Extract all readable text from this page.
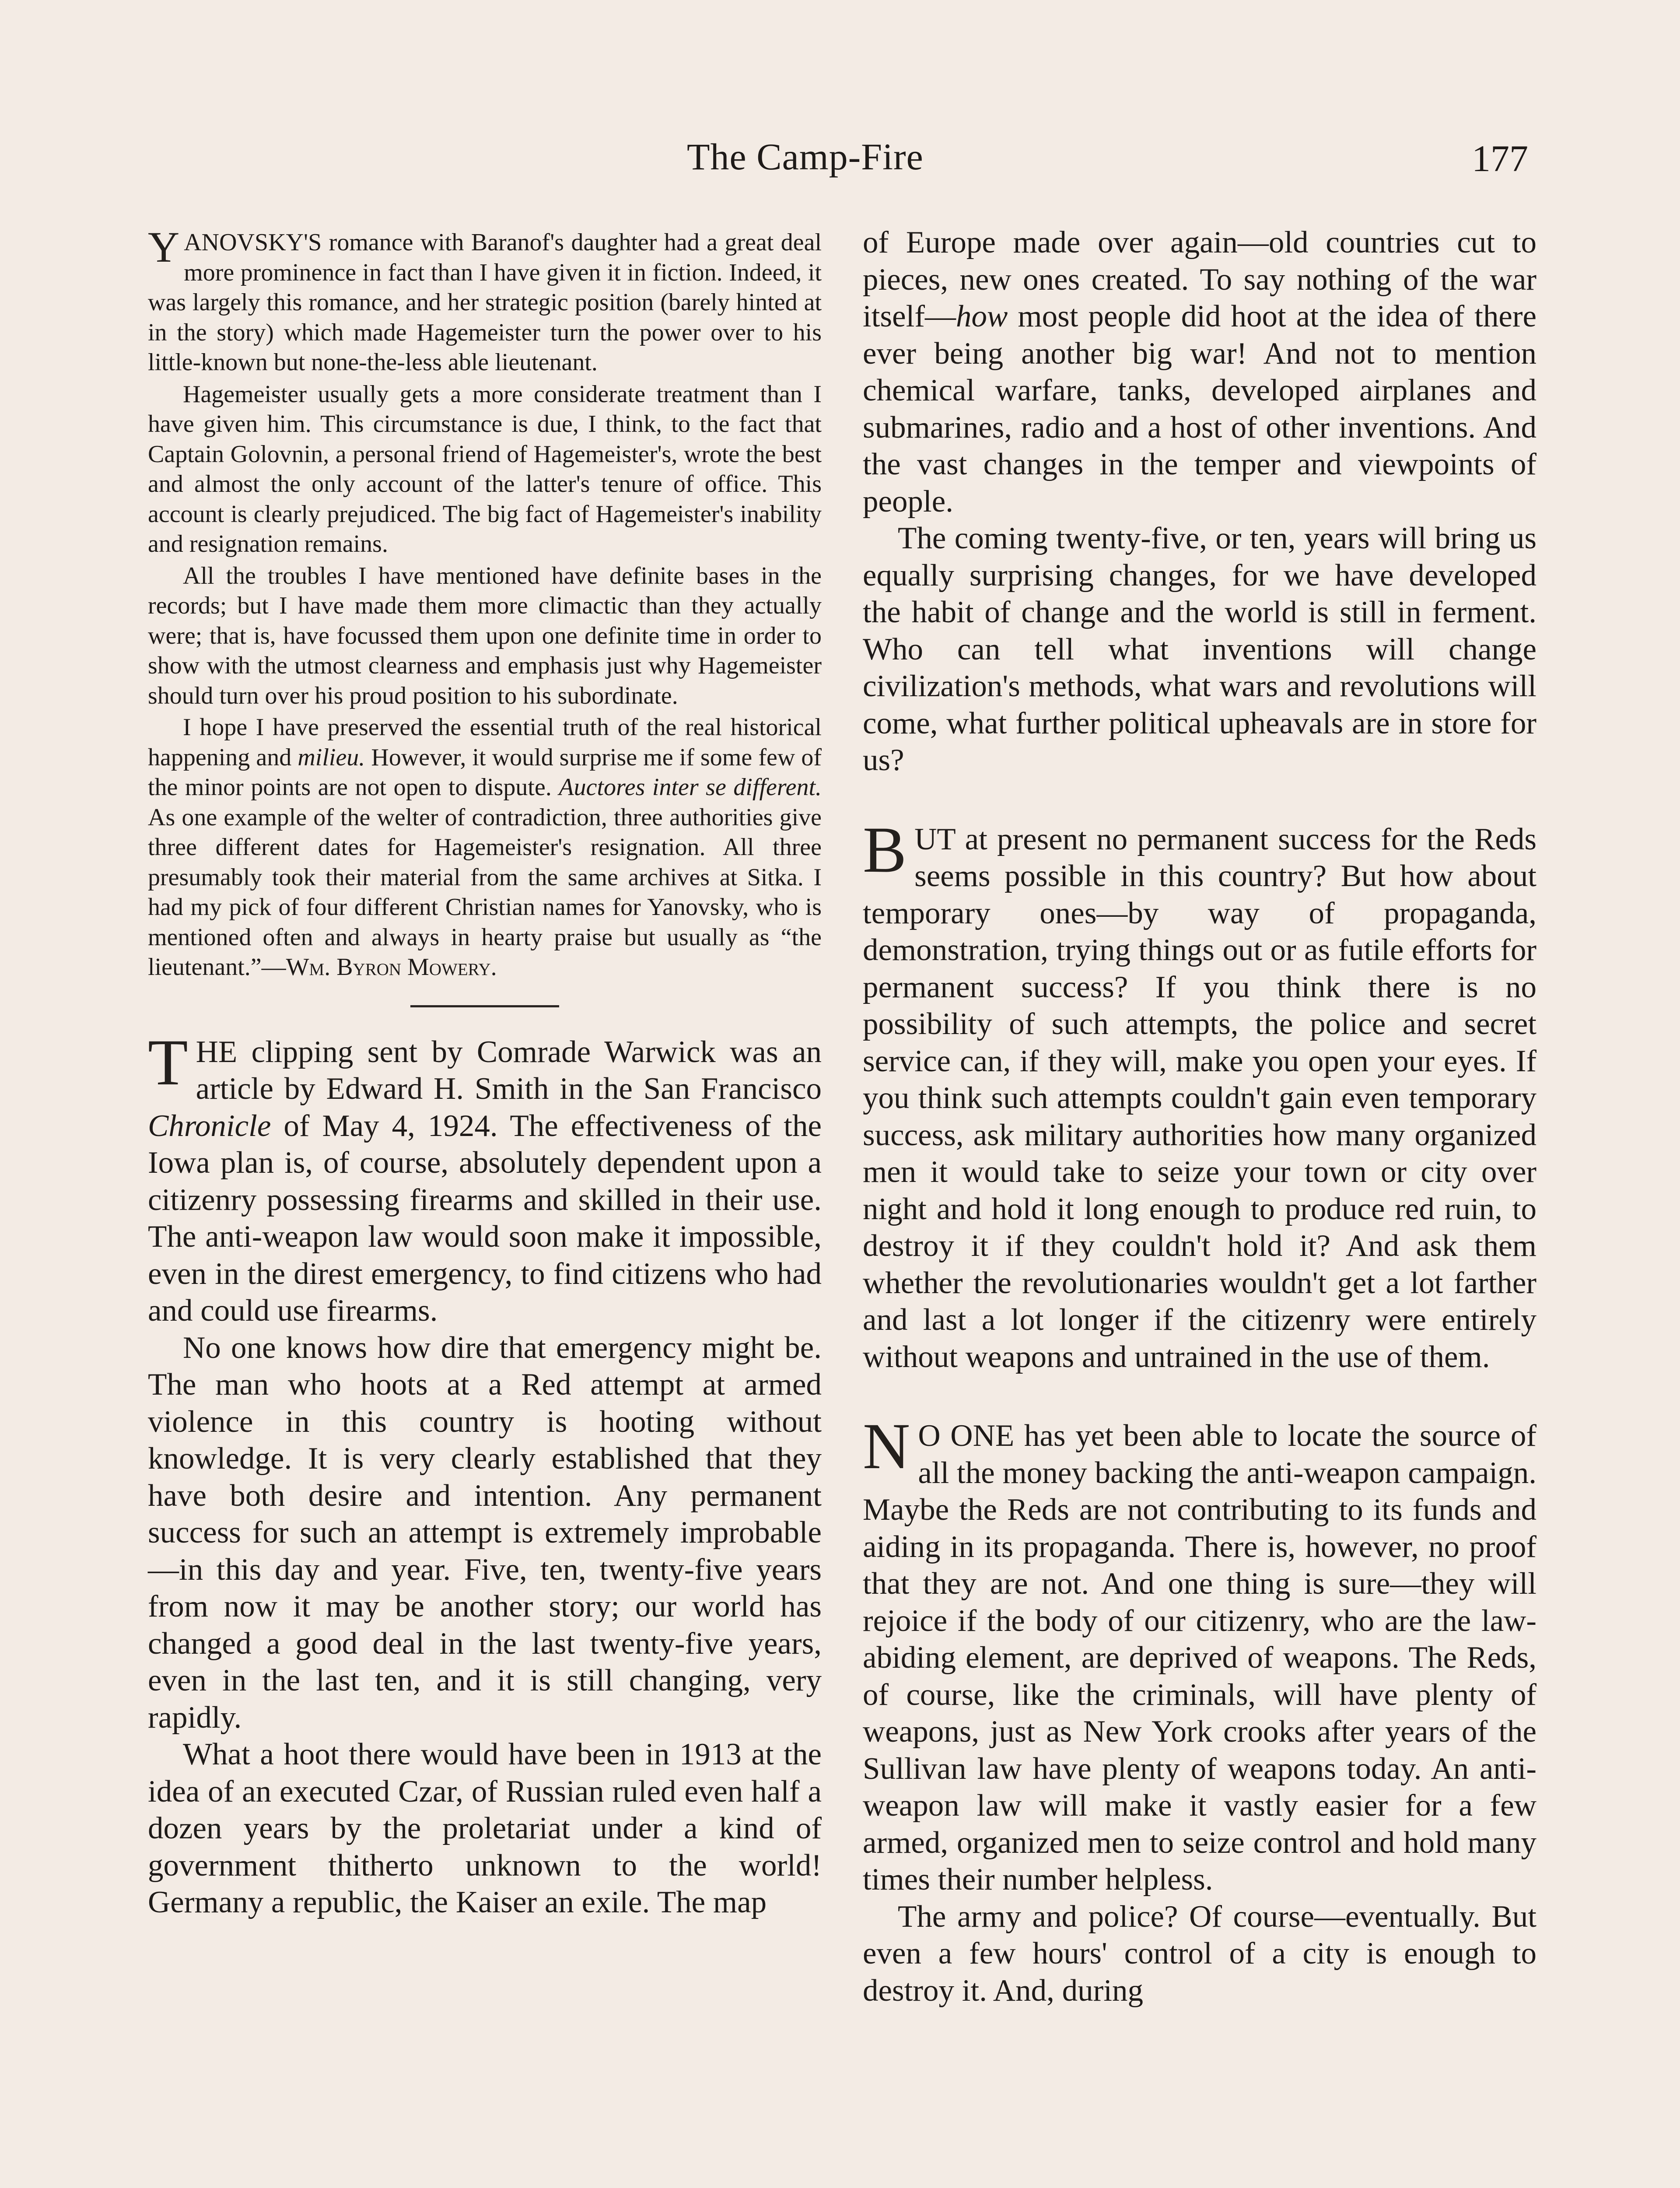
The Camp-Fire	177

YANOVSKY'S romance with Baranof's daughter had a great deal more prominence in fact than I have given it in fiction. Indeed, it was largely this romance, and her strategic position (barely hinted at in the story) which made Hagemeister turn the power over to his little-known but none-the-less able lieutenant.

Hagemeister usually gets a more considerate treatment than I have given him. This circumstance is due, I think, to the fact that Captain Golovnin, a personal friend of Hagemeister's, wrote the best and almost the only account of the latter's tenure of office. This account is clearly prejudiced. The big fact of Hagemeister's inability and resignation remains.

All the troubles I have mentioned have definite bases in the records; but I have made them more climactic than they actually were; that is, have focussed them upon one definite time in order to show with the utmost clearness and emphasis just why Hagemeister should turn over his proud position to his subordinate.

I hope I have preserved the essential truth of the real historical happening and milieu. However, it would surprise me if some few of the minor points are not open to dispute. Auctores inter se different. As one example of the welter of contradiction, three authorities give three different dates for Hagemeister's resignation. All three presumably took their material from the same archives at Sitka. I had my pick of four different Christian names for Yanovsky, who is mentioned often and always in hearty praise but usually as “the lieutenant.”—Wm. Byron Mowery.

THE clipping sent by Comrade Warwick was an article by Edward H. Smith in the San Francisco Chronicle of May 4, 1924. The effectiveness of the Iowa plan is, of course, absolutely dependent upon a citizenry possessing firearms and skilled in their use. The anti-weapon law would soon make it impossible, even in the direst emergency, to find citizens who had and could use firearms.

No one knows how dire that emergency might be. The man who hoots at a Red attempt at armed violence in this country is hooting without knowledge. It is very clearly established that they have both desire and intention. Any permanent success for such an attempt is extremely improbable—in this day and year. Five, ten, twenty-five years from now it may be another story; our world has changed a good deal in the last twenty-five years, even in the last ten, and it is still changing, very rapidly.

What a hoot there would have been in 1913 at the idea of an executed Czar, of Russian ruled even half a dozen years by the proletariat under a kind of government thitherto unknown to the world! Germany a republic, the Kaiser an exile. The map

of Europe made over again—old countries cut to pieces, new ones created. To say nothing of the war itself—how most people did hoot at the idea of there ever being another big war! And not to mention chemical warfare, tanks, developed airplanes and submarines, radio and a host of other inventions. And the vast changes in the temper and viewpoints of people.

The coming twenty-five, or ten, years will bring us equally surprising changes, for we have developed the habit of change and the world is still in ferment. Who can tell what inventions will change civilization's methods, what wars and revolutions will come, what further political upheavals are in store for us?

BUT at present no permanent success for the Reds seems possible in this country? But how about temporary ones—by way of propaganda, demonstration, trying things out or as futile efforts for permanent success? If you think there is no possibility of such attempts, the police and secret service can, if they will, make you open your eyes. If you think such attempts couldn't gain even temporary success, ask military authorities how many organized men it would take to seize your town or city over night and hold it long enough to produce red ruin, to destroy it if they couldn't hold it? And ask them whether the revolutionaries wouldn't get a lot farther and last a lot longer if the citizenry were entirely without weapons and untrained in the use of them.

N O ONE has yet been able to locate the source of all the money backing the anti-weapon campaign. Maybe the Reds are not contributing to its funds and aiding in its propaganda. There is, however, no proof that they are not. And one thing is sure—they will rejoice if the body of our citizenry, who are the law-abiding element, are deprived of weapons. The Reds, of course, like the criminals, will have plenty of weapons, just as New York crooks after years of the Sullivan law have plenty of weapons today. An anti-weapon law will make it vastly easier for a few armed, organized men to seize control and hold many times their number helpless.

The army and police? Of course—eventually. But even a few hours' control of a city is enough to destroy it. And, during
